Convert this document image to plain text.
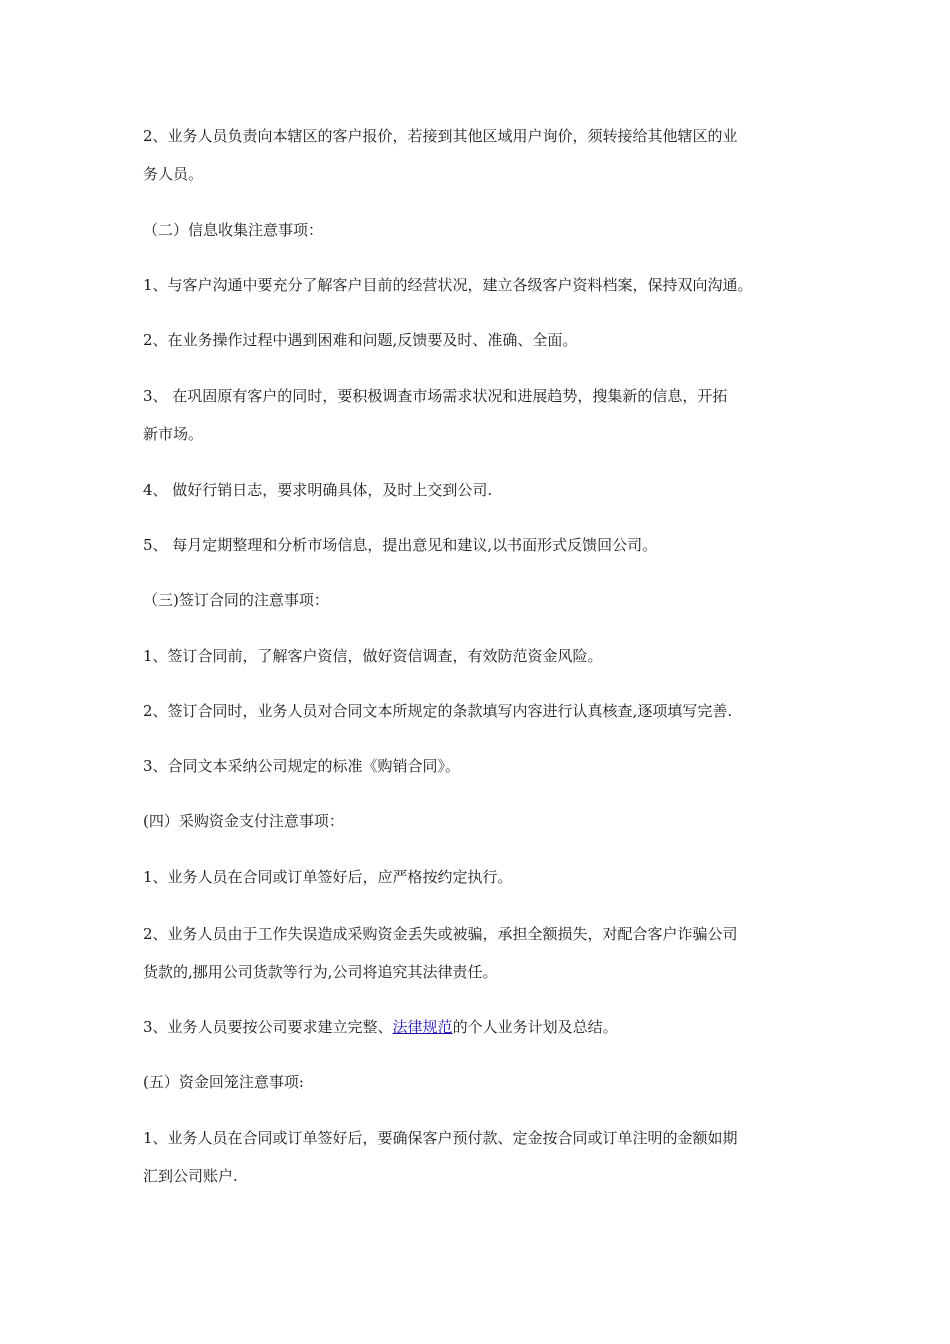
2、业务人员负责向本辖区的客户报价，若接到其他区域用户询价，须转接给其他辖区的业
务人员。
（二）信息收集注意事项：
1、与客户沟通中要充分了解客户目前的经营状况，建立各级客户资料档案，保持双向沟通。
2、在业务操作过程中遇到困难和问题,反馈要及时、准确、全面。
3、 在巩固原有客户的同时，要积极调查市场需求状况和进展趋势，搜集新的信息，开拓
新市场。
4、 做好行销日志，要求明确具体，及时上交到公司.
5、 每月定期整理和分析市场信息，提出意见和建议,以书面形式反馈回公司。
（三)签订合同的注意事项：
1、签订合同前，了解客户资信，做好资信调查，有效防范资金风险。
2、签订合同时，业务人员对合同文本所规定的条款填写内容进行认真核查,逐项填写完善.
3、合同文本采纳公司规定的标准《购销合同》。
(四）采购资金支付注意事项：
1、业务人员在合同或订单签好后，应严格按约定执行。
2、业务人员由于工作失误造成采购资金丢失或被骗，承担全额损失，对配合客户诈骗公司
货款的,挪用公司货款等行为,公司将追究其法律责任。
3、业务人员要按公司要求建立完整、法律规范的个人业务计划及总结。
(五）资金回笼注意事项:
1、业务人员在合同或订单签好后，要确保客户预付款、定金按合同或订单注明的金额如期
汇到公司账户.
